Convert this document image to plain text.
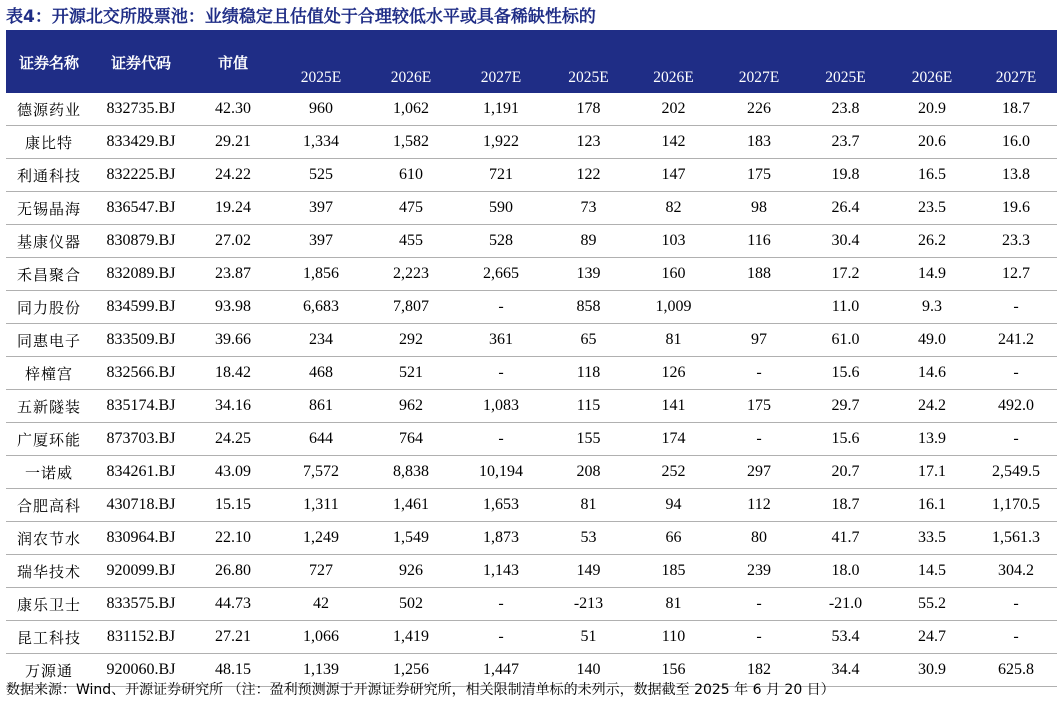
表4：开源北交所股票池：业绩稳定且估值处于合理较低水平或具备稀缺性标的
证券名称	证券代码	市值									
			2025E	2026E	2027E	2025E	2026E	2027E	2025E	2026E	2027E
德源药业	832735.BJ	42.30	960	1,062	1,191	178	202	226	23.8	20.9	18.7
康比特	833429.BJ	29.21	1,334	1,582	1,922	123	142	183	23.7	20.6	16.0
利通科技	832225.BJ	24.22	525	610	721	122	147	175	19.8	16.5	13.8
无锡晶海	836547.BJ	19.24	397	475	590	73	82	98	26.4	23.5	19.6
基康仪器	830879.BJ	27.02	397	455	528	89	103	116	30.4	26.2	23.3
禾昌聚合	832089.BJ	23.87	1,856	2,223	2,665	139	160	188	17.2	14.9	12.7
同力股份	834599.BJ	93.98	6,683	7,807	-	858	1,009		11.0	9.3	-
同惠电子	833509.BJ	39.66	234	292	361	65	81	97	61.0	49.0	241.2
梓橦宫	832566.BJ	18.42	468	521	-	118	126	-	15.6	14.6	-
五新隧装	835174.BJ	34.16	861	962	1,083	115	141	175	29.7	24.2	492.0
广厦环能	873703.BJ	24.25	644	764	-	155	174	-	15.6	13.9	-
一诺威	834261.BJ	43.09	7,572	8,838	10,194	208	252	297	20.7	17.1	2,549.5
合肥高科	430718.BJ	15.15	1,311	1,461	1,653	81	94	112	18.7	16.1	1,170.5
润农节水	830964.BJ	22.10	1,249	1,549	1,873	53	66	80	41.7	33.5	1,561.3
瑞华技术	920099.BJ	26.80	727	926	1,143	149	185	239	18.0	14.5	304.2
康乐卫士	833575.BJ	44.73	42	502	-	-213	81	-	-21.0	55.2	-
昆工科技	831152.BJ	27.21	1,066	1,419	-	51	110	-	53.4	24.7	-
万源通	920060.BJ	48.15	1,139	1,256	1,447	140	156	182	34.4	30.9	625.8
数据来源：Wind、开源证券研究所 （注：盈利预测源于开源证券研究所，相关限制清单标的未列示，数据截至 2025 年 6 月 20 日）
